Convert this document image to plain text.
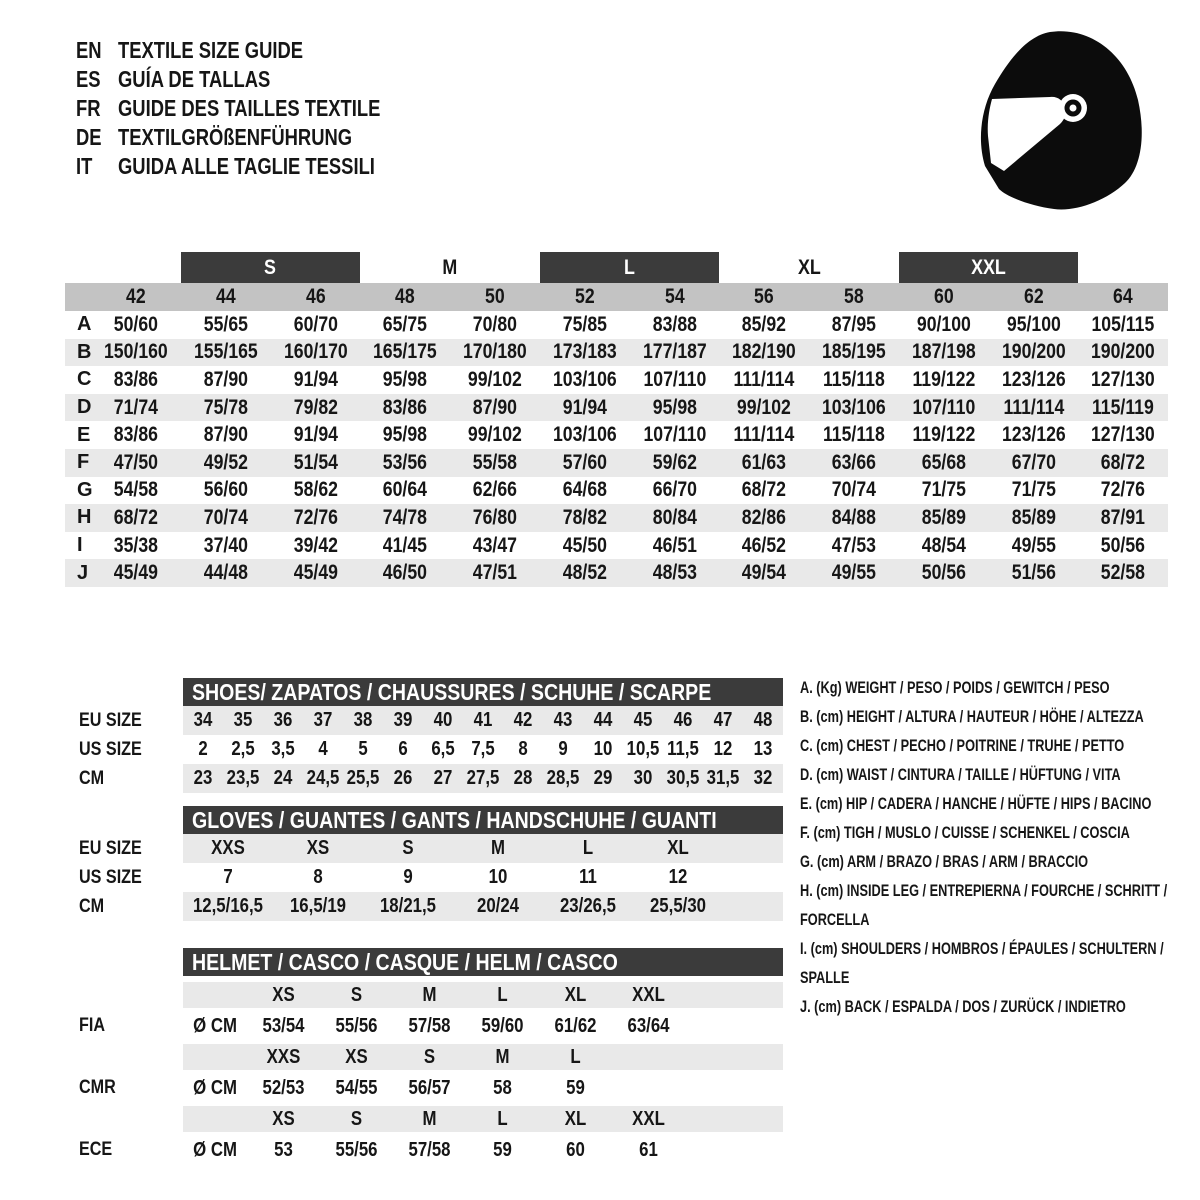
EN TEXTILE SIZE GUIDE
ES GUÍA DE TALLAS
FR GUIDE DES TAILLES TEXTILE
DE TEXTILGRÖßENFÜHRUNG
IT	GUIDA ALLE TAGLIE TESSILI
S	M	L	XL	XXL
42	44	46	48	50	52	54	56	58	60	62	64
A	50/60	55/65	60/70	65/75	70/80	75/85	83/88	85/92	87/95	90/100	95/100	105/115
B 150/160 155/165 160/170 165/175 170/180 173/183 177/187 182/190 185/195 187/198 190/200 190/200
C	83/86	87/90	91/94	95/98	99/102	103/106 107/110	111/114	115/118	119/122 123/126 127/130
D	71/74	75/78	79/82	83/86	87/90	91/94	95/98	99/102	103/106 107/110	111/114	115/119
E	83/86	87/90	91/94	95/98	99/102	103/106 107/110	111/114	115/118	119/122 123/126 127/130
F	47/50	49/52	51/54	53/56	55/58	57/60	59/62	61/63	63/66	65/68	67/70	68/72
G	54/58	56/60	58/62	60/64	62/66	64/68	66/70	68/72	70/74	71/75	71/75	72/76
H	68/72	70/74	72/76	74/78	76/80	78/82	80/84	82/86	84/88	85/89	85/89	87/91
I	35/38	37/40	39/42	41/45	43/47	45/50	46/51	46/52	47/53	48/54	49/55	50/56
J	45/49	44/48	45/49	46/50	47/51	48/52	48/53	49/54	49/55	50/56	51/56	52/58
SHOES/ ZAPATOS / CHAUSSURES / SCHUHE / SCARPE
EU SIZE	34	35	36	37	38	39	40	41	42	43	44	45	46	47	48
US SIZE	2	2,5 3,5	4	5	6	6,5 7,5	8	9	10 10,5 11,5 12	13
CM	23 23,5 24 24,5 25,5 26	27 27,5 28 28,5 29	30 30,5 31,5 32
GLOVES / GUANTES / GANTS / HANDSCHUHE / GUANTI
EU SIZE	XXS	XS	S	M	L	XL
US SIZE	7	8	9	10	11	12
CM	12,5/16,5	16,5/19	18/21,5	20/24	23/26,5	25,5/30
HELMET / CASCO / CASQUE / HELM / CASCO
XS	S	M	L	XL	XXL
FIA	Ø CM	53/54	55/56	57/58	59/60	61/62	63/64
XXS	XS	S	M	L
CMR	Ø CM	52/53	54/55	56/57	58	59
XS	S	M	L	XL	XXL
ECE	Ø CM	53	55/56	57/58	59	60	61
A. (Kg) WEIGHT / PESO / POIDS / GEWITCH / PESO
B. (cm) HEIGHT / ALTURA / HAUTEUR / HÖHE / ALTEZZA
C. (cm) CHEST / PECHO / POITRINE / TRUHE / PETTO
D. (cm) WAIST / CINTURA / TAILLE / HÜFTUNG / VITA
E. (cm) HIP / CADERA / HANCHE / HÜFTE / HIPS / BACINO
F. (cm) TIGH / MUSLO / CUISSE / SCHENKEL / COSCIA
G. (cm) ARM / BRAZO / BRAS / ARM / BRACCIO
H. (cm) INSIDE LEG / ENTREPIERNA / FOURCHE / SCHRITT / FORCELLA
I. (cm) SHOULDERS / HOMBROS / ÉPAULES / SCHULTERN / SPALLE
J. (cm) BACK / ESPALDA / DOS / ZURÜCK / INDIETRO
